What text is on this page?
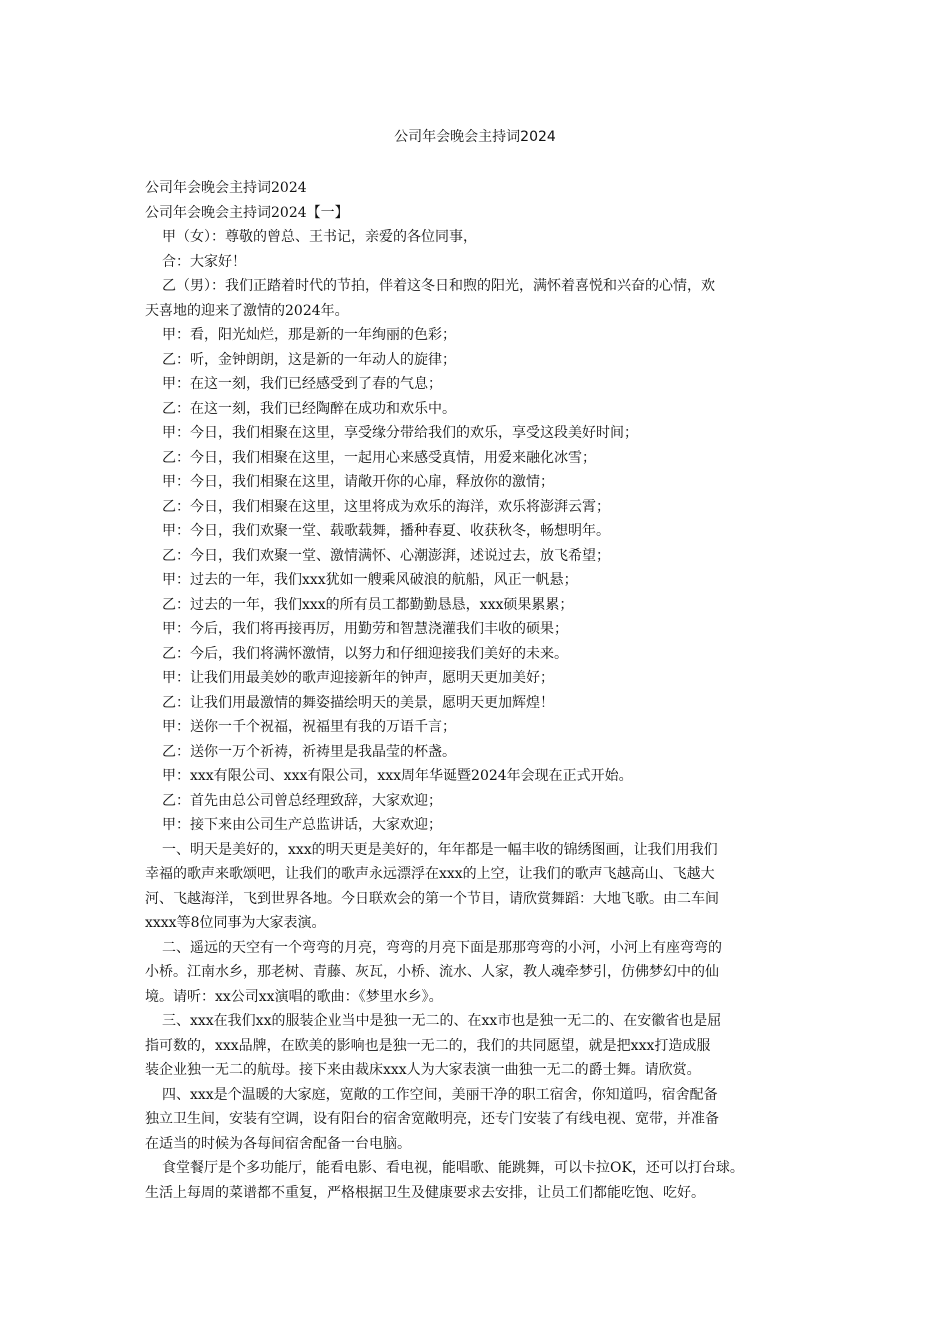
公司年会晚会主持词2024
公司年会晚会主持词2024
公司年会晚会主持词2024【一】
甲（女）：尊敬的曾总、王书记，亲爱的各位同事，
合：大家好！
乙（男）：我们正踏着时代的节拍，伴着这冬日和煦的阳光，满怀着喜悦和兴奋的心情，欢
天喜地的迎来了激情的2024年。
甲：看，阳光灿烂，那是新的一年绚丽的色彩；
乙：听，金钟朗朗，这是新的一年动人的旋律；
甲：在这一刻，我们已经感受到了春的气息；
乙：在这一刻，我们已经陶醉在成功和欢乐中。
甲：今日，我们相聚在这里，享受缘分带给我们的欢乐，享受这段美好时间；
乙：今日，我们相聚在这里，一起用心来感受真情，用爱来融化冰雪；
甲：今日，我们相聚在这里，请敞开你的心扉，释放你的激情；
乙：今日，我们相聚在这里，这里将成为欢乐的海洋，欢乐将澎湃云霄；
甲：今日，我们欢聚一堂、载歌载舞，播种春夏、收获秋冬，畅想明年。
乙：今日，我们欢聚一堂、激情满怀、心潮澎湃，述说过去，放飞希望；
甲：过去的一年，我们xxx犹如一艘乘风破浪的航船，风正一帆悬；
乙：过去的一年，我们xxx的所有员工都勤勤恳恳，xxx硕果累累；
甲：今后，我们将再接再厉，用勤劳和智慧浇灌我们丰收的硕果；
乙：今后，我们将满怀激情，以努力和仔细迎接我们美好的未来。
甲：让我们用最美妙的歌声迎接新年的钟声，愿明天更加美好；
乙：让我们用最激情的舞姿描绘明天的美景，愿明天更加辉煌！
甲：送你一千个祝福，祝福里有我的万语千言；
乙：送你一万个祈祷，祈祷里是我晶莹的杯盏。
甲：xxx有限公司、xxx有限公司，xxx周年华诞暨2024年会现在正式开始。
乙：首先由总公司曾总经理致辞，大家欢迎；
甲：接下来由公司生产总监讲话，大家欢迎；
一、明天是美好的，xxx的明天更是美好的，年年都是一幅丰收的锦绣图画，让我们用我们
幸福的歌声来歌颂吧，让我们的歌声永远漂浮在xxx的上空，让我们的歌声飞越高山、飞越大
河、飞越海洋，飞到世界各地。今日联欢会的第一个节目，请欣赏舞蹈：大地飞歌。由二车间
xxxx等8位同事为大家表演。
二、遥远的天空有一个弯弯的月亮，弯弯的月亮下面是那那弯弯的小河，小河上有座弯弯的
小桥。江南水乡，那老树、青藤、灰瓦，小桥、流水、人家，教人魂牵梦引，仿佛梦幻中的仙
境。请听：xx公司xx演唱的歌曲：《梦里水乡》。
三、xxx在我们xx的服装企业当中是独一无二的、在xx市也是独一无二的、在安徽省也是屈
指可数的，xxx品牌，在欧美的影响也是独一无二的，我们的共同愿望，就是把xxx打造成服
装企业独一无二的航母。接下来由裁床xxx人为大家表演一曲独一无二的爵士舞。请欣赏。
四、xxx是个温暖的大家庭，宽敞的工作空间，美丽干净的职工宿舍，你知道吗，宿舍配备
独立卫生间，安装有空调，设有阳台的宿舍宽敞明亮，还专门安装了有线电视、宽带，并准备
在适当的时候为各每间宿舍配备一台电脑。
食堂餐厅是个多功能厅，能看电影、看电视，能唱歌、能跳舞，可以卡拉OK，还可以打台球。
生活上每周的菜谱都不重复，严格根据卫生及健康要求去安排，让员工们都能吃饱、吃好。
